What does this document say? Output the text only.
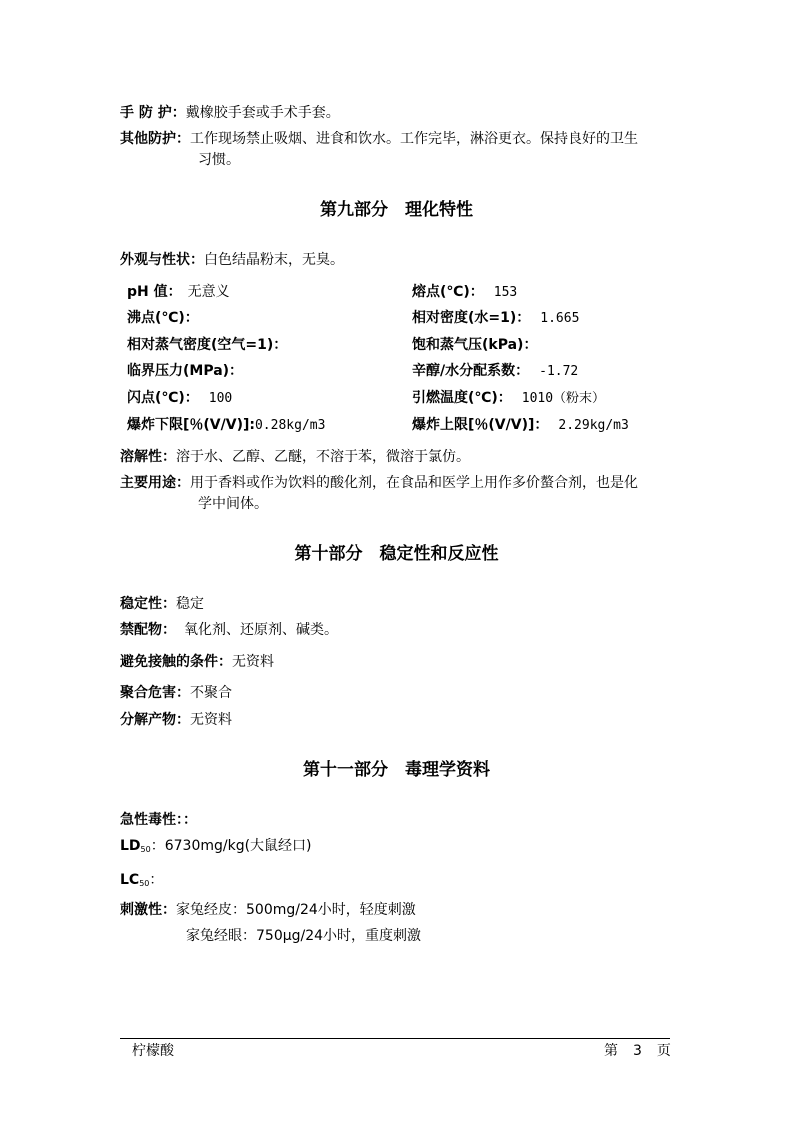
手 防 护：戴橡胶手套或手术手套。
其他防护：工作现场禁止吸烟、进食和饮水。工作完毕，淋浴更衣。保持良好的卫生
习惯。
第九部分　理化特性
外观与性状：白色结晶粉末，无臭。
pH 值： 无意义	熔点(℃)： 153
沸点(℃)：	相对密度(水=1)： 1.665
相对蒸气密度(空气=1)：	饱和蒸气压(kPa)：
临界压力(MPa)：	辛醇/水分配系数： -1.72
闪点(℃)： 100	引燃温度(℃)： 1010（粉末）
爆炸下限[％(V/V)]:0.28kg/m3	爆炸上限[％(V/V)]： 2.29kg/m3
溶解性：溶于水、乙醇、乙醚，不溶于苯，微溶于氯仿。
主要用途：用于香料或作为饮料的酸化剂，在食品和医学上用作多价螯合剂，也是化
学中间体。
第十部分　稳定性和反应性
稳定性：稳定
禁配物： 氧化剂、还原剂、碱类。
避免接触的条件：无资料
聚合危害：不聚合
分解产物：无资料
第十一部分　毒理学资料
急性毒性：：
$LD_{50}$：6730mg/kg(大鼠经口)
$LC_{50}$：
刺激性：家兔经皮：500mg/24小时，轻度刺激
家兔经眼：750μg/24小时，重度刺激
柠檬酸	第 3 页
